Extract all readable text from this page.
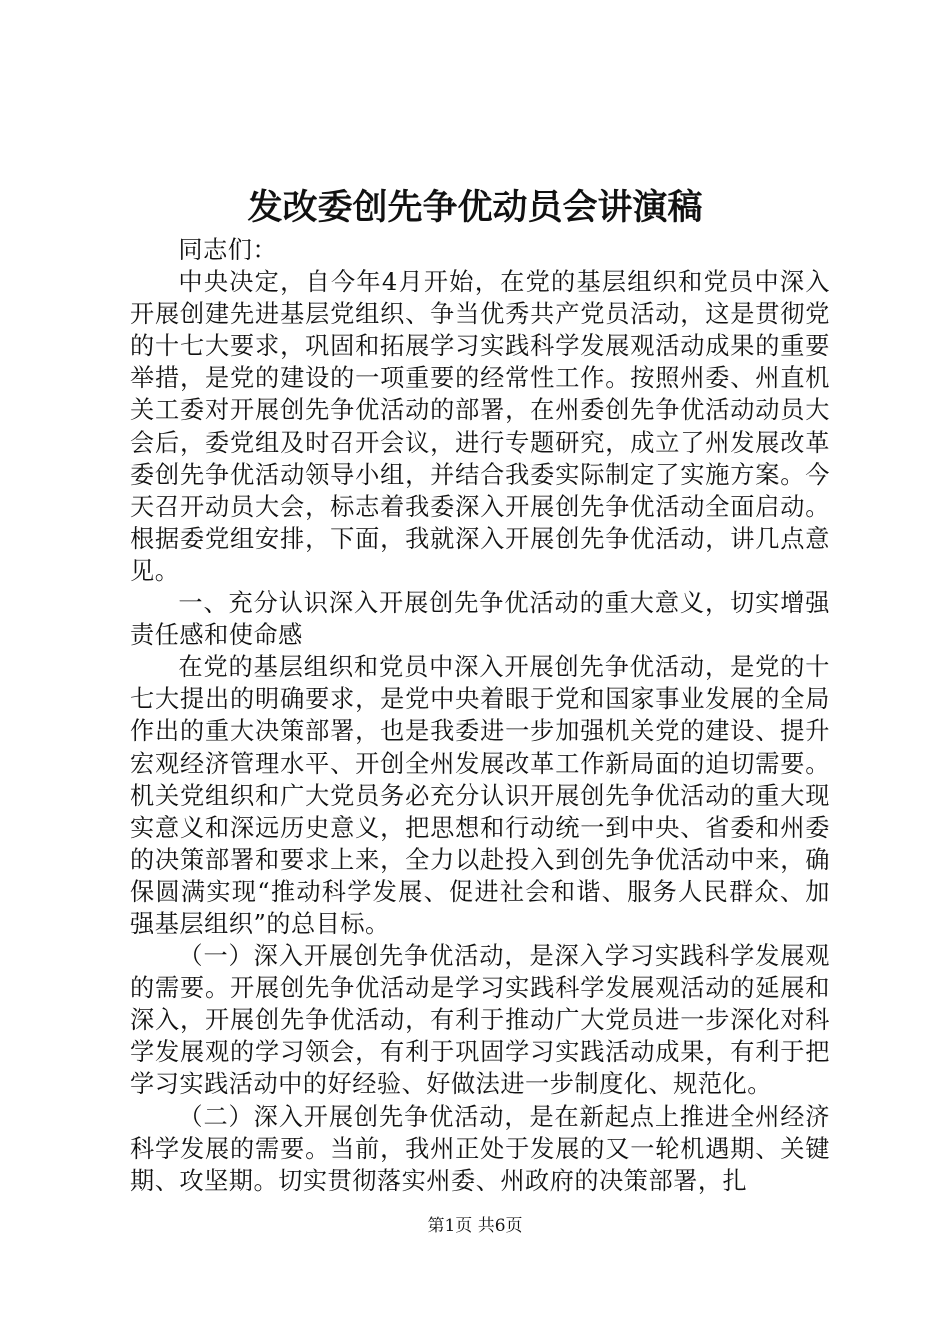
发改委创先争优动员会讲演稿

同志们：

中央决定，自今年4月开始，在党的基层组织和党员中深入开展创建先进基层党组织、争当优秀共产党员活动，这是贯彻党的十七大要求，巩固和拓展学习实践科学发展观活动成果的重要举措，是党的建设的一项重要的经常性工作。按照州委、州直机关工委对开展创先争优活动的部署，在州委创先争优活动动员大会后，委党组及时召开会议，进行专题研究，成立了州发展改革委创先争优活动领导小组，并结合我委实际制定了实施方案。今天召开动员大会，标志着我委深入开展创先争优活动全面启动。根据委党组安排，下面，我就深入开展创先争优活动，讲几点意见。

一、充分认识深入开展创先争优活动的重大意义，切实增强责任感和使命感

在党的基层组织和党员中深入开展创先争优活动，是党的十七大提出的明确要求，是党中央着眼于党和国家事业发展的全局作出的重大决策部署，也是我委进一步加强机关党的建设、提升宏观经济管理水平、开创全州发展改革工作新局面的迫切需要。机关党组织和广大党员务必充分认识开展创先争优活动的重大现实意义和深远历史意义，把思想和行动统一到中央、省委和州委的决策部署和要求上来，全力以赴投入到创先争优活动中来，确保圆满实现“推动科学发展、促进社会和谐、服务人民群众、加强基层组织”的总目标。

（一）深入开展创先争优活动，是深入学习实践科学发展观的需要。开展创先争优活动是学习实践科学发展观活动的延展和深入，开展创先争优活动，有利于推动广大党员进一步深化对科学发展观的学习领会，有利于巩固学习实践活动成果，有利于把学习实践活动中的好经验、好做法进一步制度化、规范化。

（二）深入开展创先争优活动，是在新起点上推进全州经济科学发展的需要。当前，我州正处于发展的又一轮机遇期、关键期、攻坚期。切实贯彻落实州委、州政府的决策部署，扎

第1页 共6页
